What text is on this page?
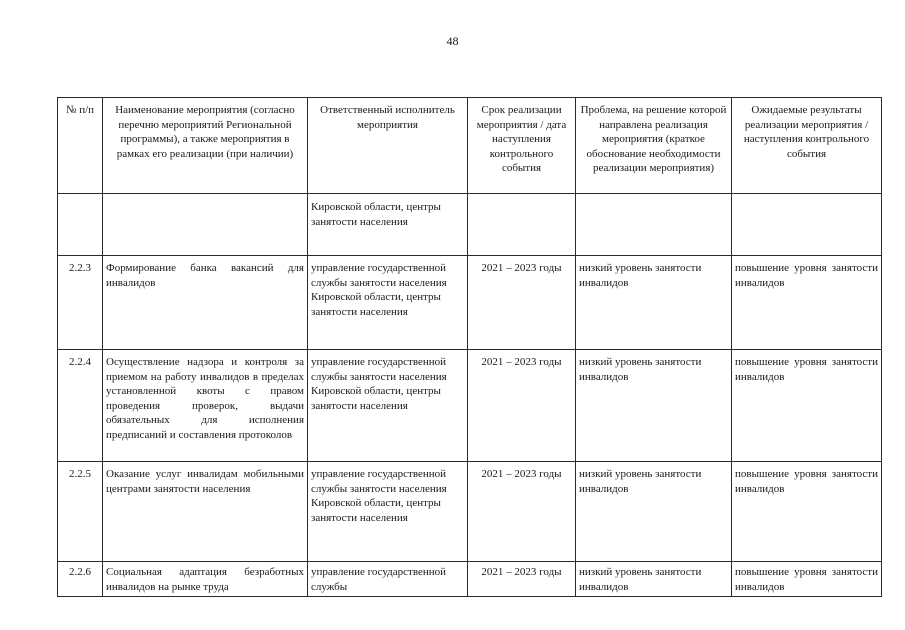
48
№ п/п	Наименование мероприятия (согласно перечню мероприятий Региональной программы), а также мероприятия в рамках его реализации (при наличии)	Ответственный исполнитель мероприятия	Срок реализации мероприятия / дата наступления контрольного события	Проблема, на решение которой направлена реализация мероприятия (краткое обоснование необходимости реализации мероприятия)	Ожидаемые результаты реализации мероприятия / наступления контрольного события
		Кировской области, центры занятости населения			
2.2.3	Формирование банка вакансий для инвалидов	управление государственной службы занятости населения Кировской области, центры занятости населения	2021 – 2023 годы	низкий уровень занятости инвалидов	повышение уровня занятости инвалидов
2.2.4	Осуществление надзора и контроля за приемом на работу инвалидов в пределах установленной квоты с правом проведения проверок, выдачи обязательных для исполнения предписаний и составления протоколов	управление государственной службы занятости населения Кировской области, центры занятости населения	2021 – 2023 годы	низкий уровень занятости инвалидов	повышение уровня занятости инвалидов
2.2.5	Оказание услуг инвалидам мобильными центрами занятости населения	управление государственной службы занятости населения Кировской области, центры занятости населения	2021 – 2023 годы	низкий уровень занятости инвалидов	повышение уровня занятости инвалидов
2.2.6	Социальная адаптация безработных инвалидов на рынке труда	управление государственной службы	2021 – 2023 годы	низкий уровень занятости инвалидов	повышение уровня занятости инвалидов
